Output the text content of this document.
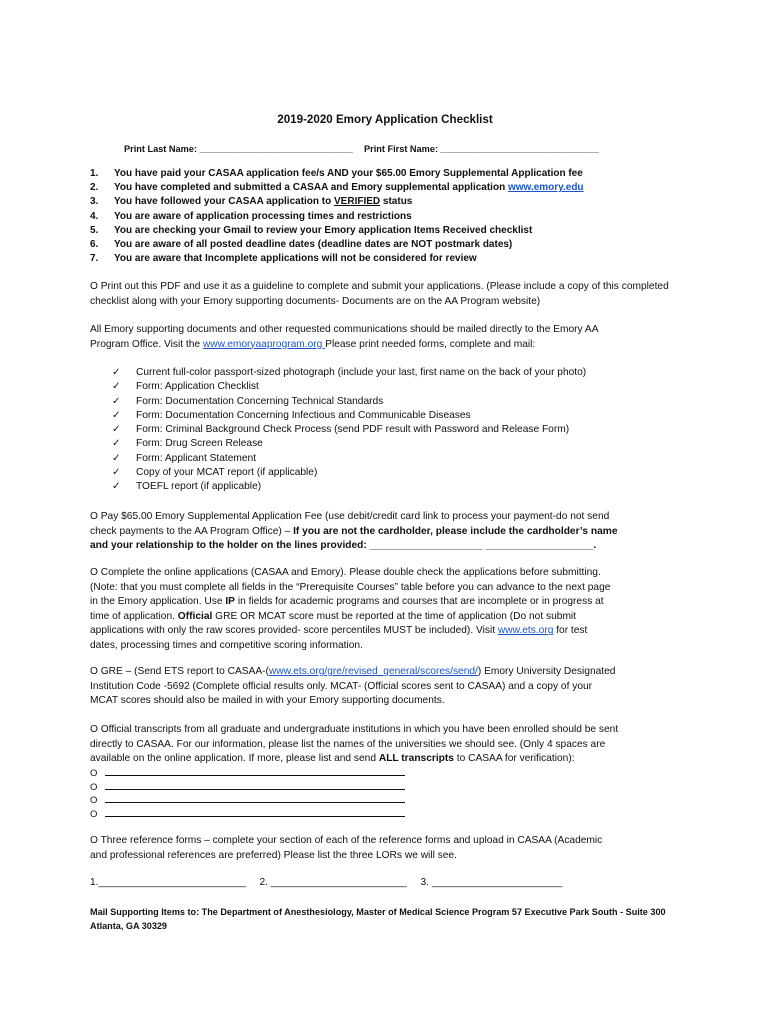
2019-2020 Emory Application Checklist
Print Last Name: ______________________________ Print First Name: _______________________________
1. You have paid your CASAA application fee/s AND your $65.00 Emory Supplemental Application fee
2. You have completed and submitted a CASAA and Emory supplemental application www.emory.edu
3. You have followed your CASAA application to VERIFIED status
4. You are aware of application processing times and restrictions
5. You are checking your Gmail to review your Emory application Items Received checklist
6. You are aware of all posted deadline dates (deadline dates are NOT postmark dates)
7. You are aware that Incomplete applications will not be considered for review

O Print out this PDF and use it as a guideline to complete and submit your applications. (Please include a copy of this completed checklist along with your Emory supporting documents- Documents are on the AA Program website)

All Emory supporting documents and other requested communications should be mailed directly to the Emory AA
Program Office. Visit the www.emoryaaprogram.org Please print needed forms, complete and mail:
✓ Current full-color passport-sized photograph (include your last, first name on the back of your photo)
✓ Form: Application Checklist
✓ Form: Documentation Concerning Technical Standards
✓ Form: Documentation Concerning Infectious and Communicable Diseases
✓ Form: Criminal Background Check Process (send PDF result with Password and Release Form)
✓ Form: Drug Screen Release
✓ Form: Applicant Statement
✓ Copy of your MCAT report (if applicable)
✓ TOEFL report (if applicable)
O Pay $65.00 Emory Supplemental Application Fee (use debit/credit card link to process your payment-do not send
check payments to the AA Program Office) – If you are not the cardholder, please include the cardholder’s name
and your relationship to the holder on the lines provided: ____________________ ___________________.
O Complete the online applications (CASAA and Emory). Please double check the applications before submitting.
(Note: that you must complete all fields in the “Prerequisite Courses” table before you can advance to the next page
in the Emory application. Use IP in fields for academic programs and courses that are incomplete or in progress at
time of application. Official GRE OR MCAT score must be reported at the time of application (Do not submit
applications with only the raw scores provided- score percentiles MUST be included). Visit www.ets.org for test
dates, processing times and competitive scoring information.
O GRE – (Send ETS report to CASAA-(www.ets.org/gre/revised_general/scores/send/) Emory University Designated
Institution Code -5692 (Complete official results only. MCAT- (Official scores sent to CASAA) and a copy of your
MCAT scores should also be mailed in with your Emory supporting documents.
O Official transcripts from all graduate and undergraduate institutions in which you have been enrolled should be sent
directly to CASAA. For our information, please list the names of the universities we should see. (Only 4 spaces are
available on the online application. If more, please list and send ALL transcripts to CASAA for verification):
O
O
O
O
O Three reference forms – complete your section of each of the reference forms and upload in CASAA (Academic
and professional references are preferred) Please list the three LORs we will see.
1.__________________________ 2. ________________________ 3. _______________________

Mail Supporting Items to: The Department of Anesthesiology, Master of Medical Science Program 57 Executive Park South - Suite 300 Atlanta, GA 30329
